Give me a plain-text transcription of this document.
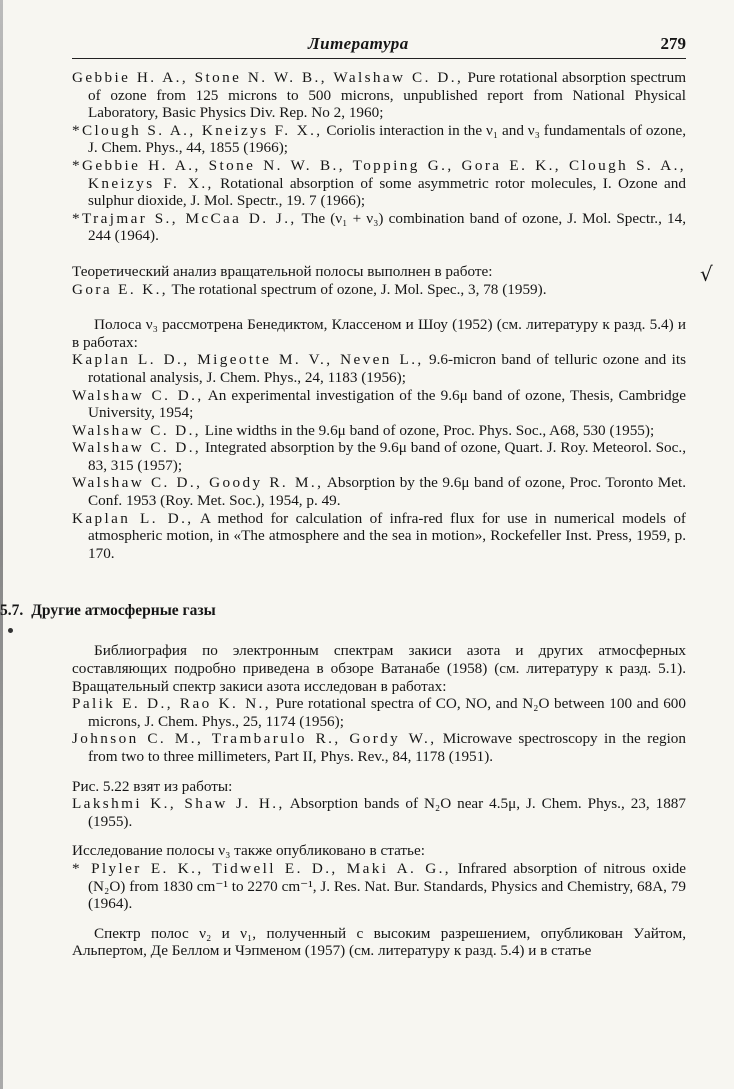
√
Литература	279

Gebbie H. A., Stone N. W. B., Walshaw C. D., Pure rotational absorption spectrum of ozone from 125 microns to 500 microns, unpublished report from National Physical Laboratory, Basic Physics Div. Rep. No 2, 1960;

*Clough S. A., Kneizys F. X., Coriolis interaction in the ν₁ and ν₃ fundamentals of ozone, J. Chem. Phys., 44, 1855 (1966);

*Gebbie H. A., Stone N. W. B., Topping G., Gora E. K., Clough S. A., Kneizys F. X., Rotational absorption of some asymmetric rotor molecules, I. Ozone and sulphur dioxide, J. Mol. Spectr., 19. 7 (1966);

*Trajmar S., McCaa D. J., The (ν₁ + ν₃) combination band of ozone, J. Mol. Spectr., 14, 244 (1964).

Теоретический анализ вращательной полосы выполнен в работе:

Gora E. K., The rotational spectrum of ozone, J. Mol. Spec., 3, 78 (1959).

Полоса ν₃ рассмотрена Бенедиктом, Классеном и Шоу (1952) (см. литературу к разд. 5.4) и в работах:

Kaplan L. D., Migeotte M. V., Neven L., 9.6-micron band of telluric ozone and its rotational analysis, J. Chem. Phys., 24, 1183 (1956);

Walshaw C. D., An experimental investigation of the 9.6μ band of ozone, Thesis, Cambridge University, 1954;

Walshaw C. D., Line widths in the 9.6μ band of ozone, Proc. Phys. Soc., A68, 530 (1955);

Walshaw C. D., Integrated absorption by the 9.6μ band of ozone, Quart. J. Roy. Meteorol. Soc., 83, 315 (1957);

Walshaw C. D., Goody R. M., Absorption by the 9.6μ band of ozone, Proc. Toronto Met. Conf. 1953 (Roy. Met. Soc.), 1954, p. 49.

Kaplan L. D., A method for calculation of infra-red flux for use in numerical models of atmospheric motion, in «The atmosphere and the sea in motion», Rockefeller Inst. Press, 1959, p. 170.

5.7. Другие атмосферные газы

Библиография по электронным спектрам закиси азота и других атмосферных составляющих подробно приведена в обзоре Ватанабе (1958) (см. литературу к разд. 5.1). Вращательный спектр закиси азота исследован в работах:

Palik E. D., Rao K. N., Pure rotational spectra of CO, NO, and N₂O between 100 and 600 microns, J. Chem. Phys., 25, 1174 (1956);

Johnson C. M., Trambarulo R., Gordy W., Microwave spectroscopy in the region from two to three millimeters, Part II, Phys. Rev., 84, 1178 (1951).

Рис. 5.22 взят из работы:

Lakshmi K., Shaw J. H., Absorption bands of N₂O near 4.5μ, J. Chem. Phys., 23, 1887 (1955).

Исследование полосы ν₃ также опубликовано в статье:

* Plyler E. K., Tidwell E. D., Maki A. G., Infrared absorption of nitrous oxide (N₂O) from 1830 cm⁻¹ to 2270 cm⁻¹, J. Res. Nat. Bur. Standards, Physics and Chemistry, 68A, 79 (1964).

Спектр полос ν₂ и ν₁, полученный с высоким разрешением, опубликован Уайтом, Альпертом, Де Беллом и Чэпменом (1957) (см. литературу к разд. 5.4) и в статье
